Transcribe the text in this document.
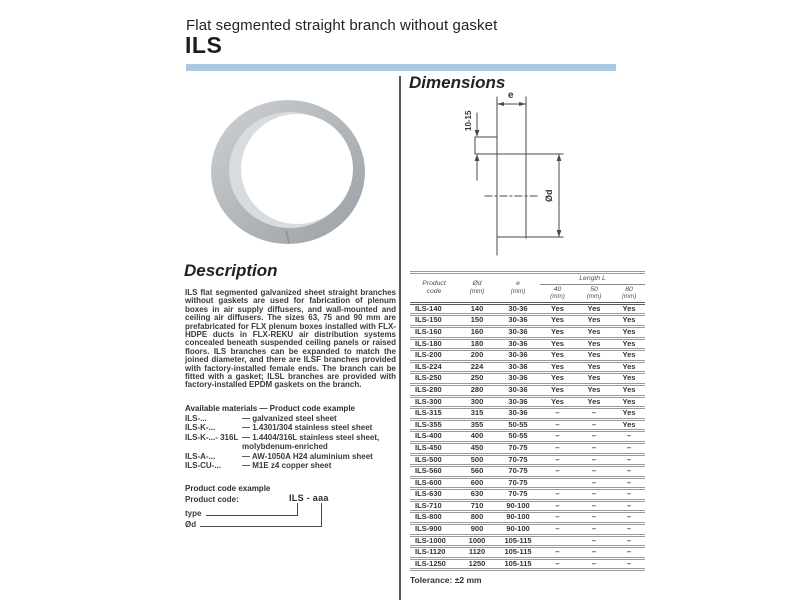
Flat segmented straight branch without gasket
ILS
Description
ILS flat segmented galvanized sheet straight branches without gaskets are used for fabrication of plenum boxes in air supply diffusers, and wall-mounted and ceiling air diffusers. The sizes 63, 75 and 90 mm are prefabricated for FLX plenum boxes installed with FLX-HDPE ducts in FLX-REKU air distribution systems concealed beneath suspended ceiling panels or raised floors. ILS branches can be expanded to match the joined diameter, and there are ILSF branches provided with factory-installed female ends. The branch can be fitted with a gasket; ILSL branches are provided with factory-installed EPDM gaskets on the branch.
Available materials — Product code example
ILS-...	— galvanized steel sheet
ILS-K-...	— 1.4301/304 stainless steel sheet
ILS-K-...- 316L — 1.4404/316L stainless steel sheet, molybdenum-enriched
ILS-A-...	— AW-1050A H24 aluminium sheet
ILS-CU-...	— M1E z4 copper sheet
Product code example
Product code:	ILS - aaa
type
Ød
Dimensions
e
10-15
Ød
Product code

Ød
(mm)

e
(mm)
	Length L

40
(mm)

50
(mm)

80
(mm)

ILS-140	140	30-36	Yes	Yes	Yes
ILS-150	150	30-36	Yes	Yes	Yes
ILS-160	160	30-36	Yes	Yes	Yes
ILS-180	180	30-36	Yes	Yes	Yes
ILS-200	200	30-36	Yes	Yes	Yes
ILS-224	224	30-36	Yes	Yes	Yes
ILS-250	250	30-36	Yes	Yes	Yes
ILS-280	280	30-36	Yes	Yes	Yes
ILS-300	300	30-36	Yes	Yes	Yes
ILS-315	315	30-36	–	–	Yes
ILS-355	355	50-55	–	–	Yes
ILS-400	400	50-55	–	–	–
ILS-450	450	70-75	–	–	–
ILS-500	500	70-75	–	–	–
ILS-560	560	70-75	–	–	–
ILS-600	600	70-75		–	–
ILS-630	630	70-75	–	–	–
ILS-710	710	90-100	–	–	–
ILS-800	800	90-100	–	–	–
ILS-900	900	90-100	–	–	–
ILS-1000	1000	105-115		–	–
ILS-1120	1120	105-115	–	–	–
ILS-1250	1250	105-115	–	–	–
Tolerance: ±2 mm
